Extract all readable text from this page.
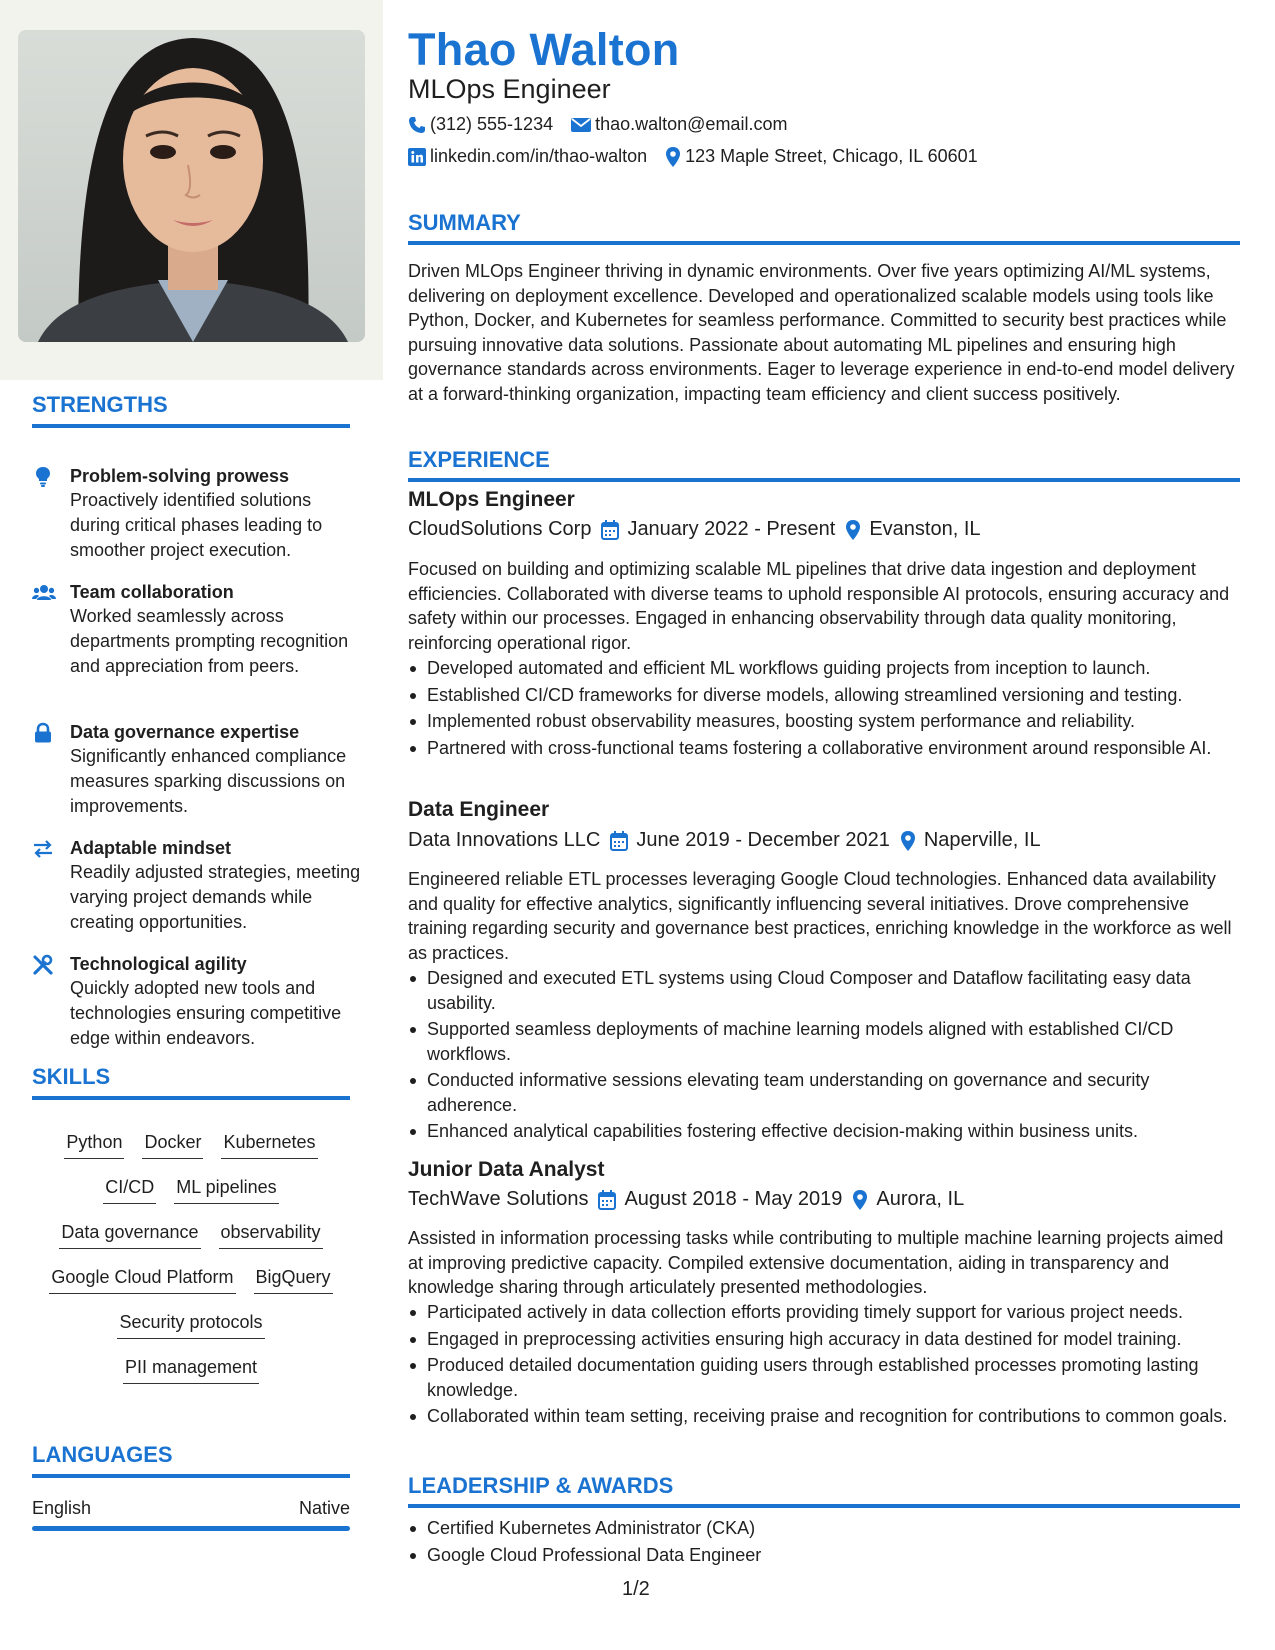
STRENGTHS
Problem-solving prowess
Proactively identified solutions during critical phases leading to smoother project execution.
Team collaboration
Worked seamlessly across departments prompting recognition and appreciation from peers.
Data governance expertise
Significantly enhanced compliance measures sparking discussions on improvements.
Adaptable mindset
Readily adjusted strategies, meeting varying project demands while creating opportunities.
Technological agility
Quickly adopted new tools and technologies ensuring competitive edge within endeavors.
SKILLS
Python Docker Kubernetes
CI/CD ML pipelines
Data governance observability
Google Cloud Platform BigQuery
Security protocols
PII management
LANGUAGES
English	Native
Thao Walton
MLOps Engineer
(312) 555-1234 thao.walton@email.com
linkedin.com/in/thao-walton 123 Maple Street, Chicago, IL 60601
SUMMARY
Driven MLOps Engineer thriving in dynamic environments. Over five years optimizing AI/ML systems, delivering on deployment excellence. Developed and operationalized scalable models using tools like Python, Docker, and Kubernetes for seamless performance. Committed to security best practices while pursuing innovative data solutions. Passionate about automating ML pipelines and ensuring high governance standards across environments. Eager to leverage experience in end-to-end model delivery at a forward-thinking organization, impacting team efficiency and client success positively.
EXPERIENCE
MLOps Engineer
CloudSolutions Corp January 2022 - Present Evanston, IL
Focused on building and optimizing scalable ML pipelines that drive data ingestion and deployment efficiencies. Collaborated with diverse teams to uphold responsible AI protocols, ensuring accuracy and safety within our processes. Engaged in enhancing observability through data quality monitoring, reinforcing operational rigor.
Developed automated and efficient ML workflows guiding projects from inception to launch.
Established CI/CD frameworks for diverse models, allowing streamlined versioning and testing.
Implemented robust observability measures, boosting system performance and reliability.
Partnered with cross-functional teams fostering a collaborative environment around responsible AI.
Data Engineer
Data Innovations LLC June 2019 - December 2021 Naperville, IL
Engineered reliable ETL processes leveraging Google Cloud technologies. Enhanced data availability and quality for effective analytics, significantly influencing several initiatives. Drove comprehensive training regarding security and governance best practices, enriching knowledge in the workforce as well as practices.
Designed and executed ETL systems using Cloud Composer and Dataflow facilitating easy data usability.
Supported seamless deployments of machine learning models aligned with established CI/CD workflows.
Conducted informative sessions elevating team understanding on governance and security adherence.
Enhanced analytical capabilities fostering effective decision-making within business units.
Junior Data Analyst
TechWave Solutions August 2018 - May 2019 Aurora, IL
Assisted in information processing tasks while contributing to multiple machine learning projects aimed at improving predictive capacity. Compiled extensive documentation, aiding in transparency and knowledge sharing through articulately presented methodologies.
Participated actively in data collection efforts providing timely support for various project needs.
Engaged in preprocessing activities ensuring high accuracy in data destined for model training.
Produced detailed documentation guiding users through established processes promoting lasting knowledge.
Collaborated within team setting, receiving praise and recognition for contributions to common goals.
LEADERSHIP & AWARDS
Certified Kubernetes Administrator (CKA)
Google Cloud Professional Data Engineer
1/2
